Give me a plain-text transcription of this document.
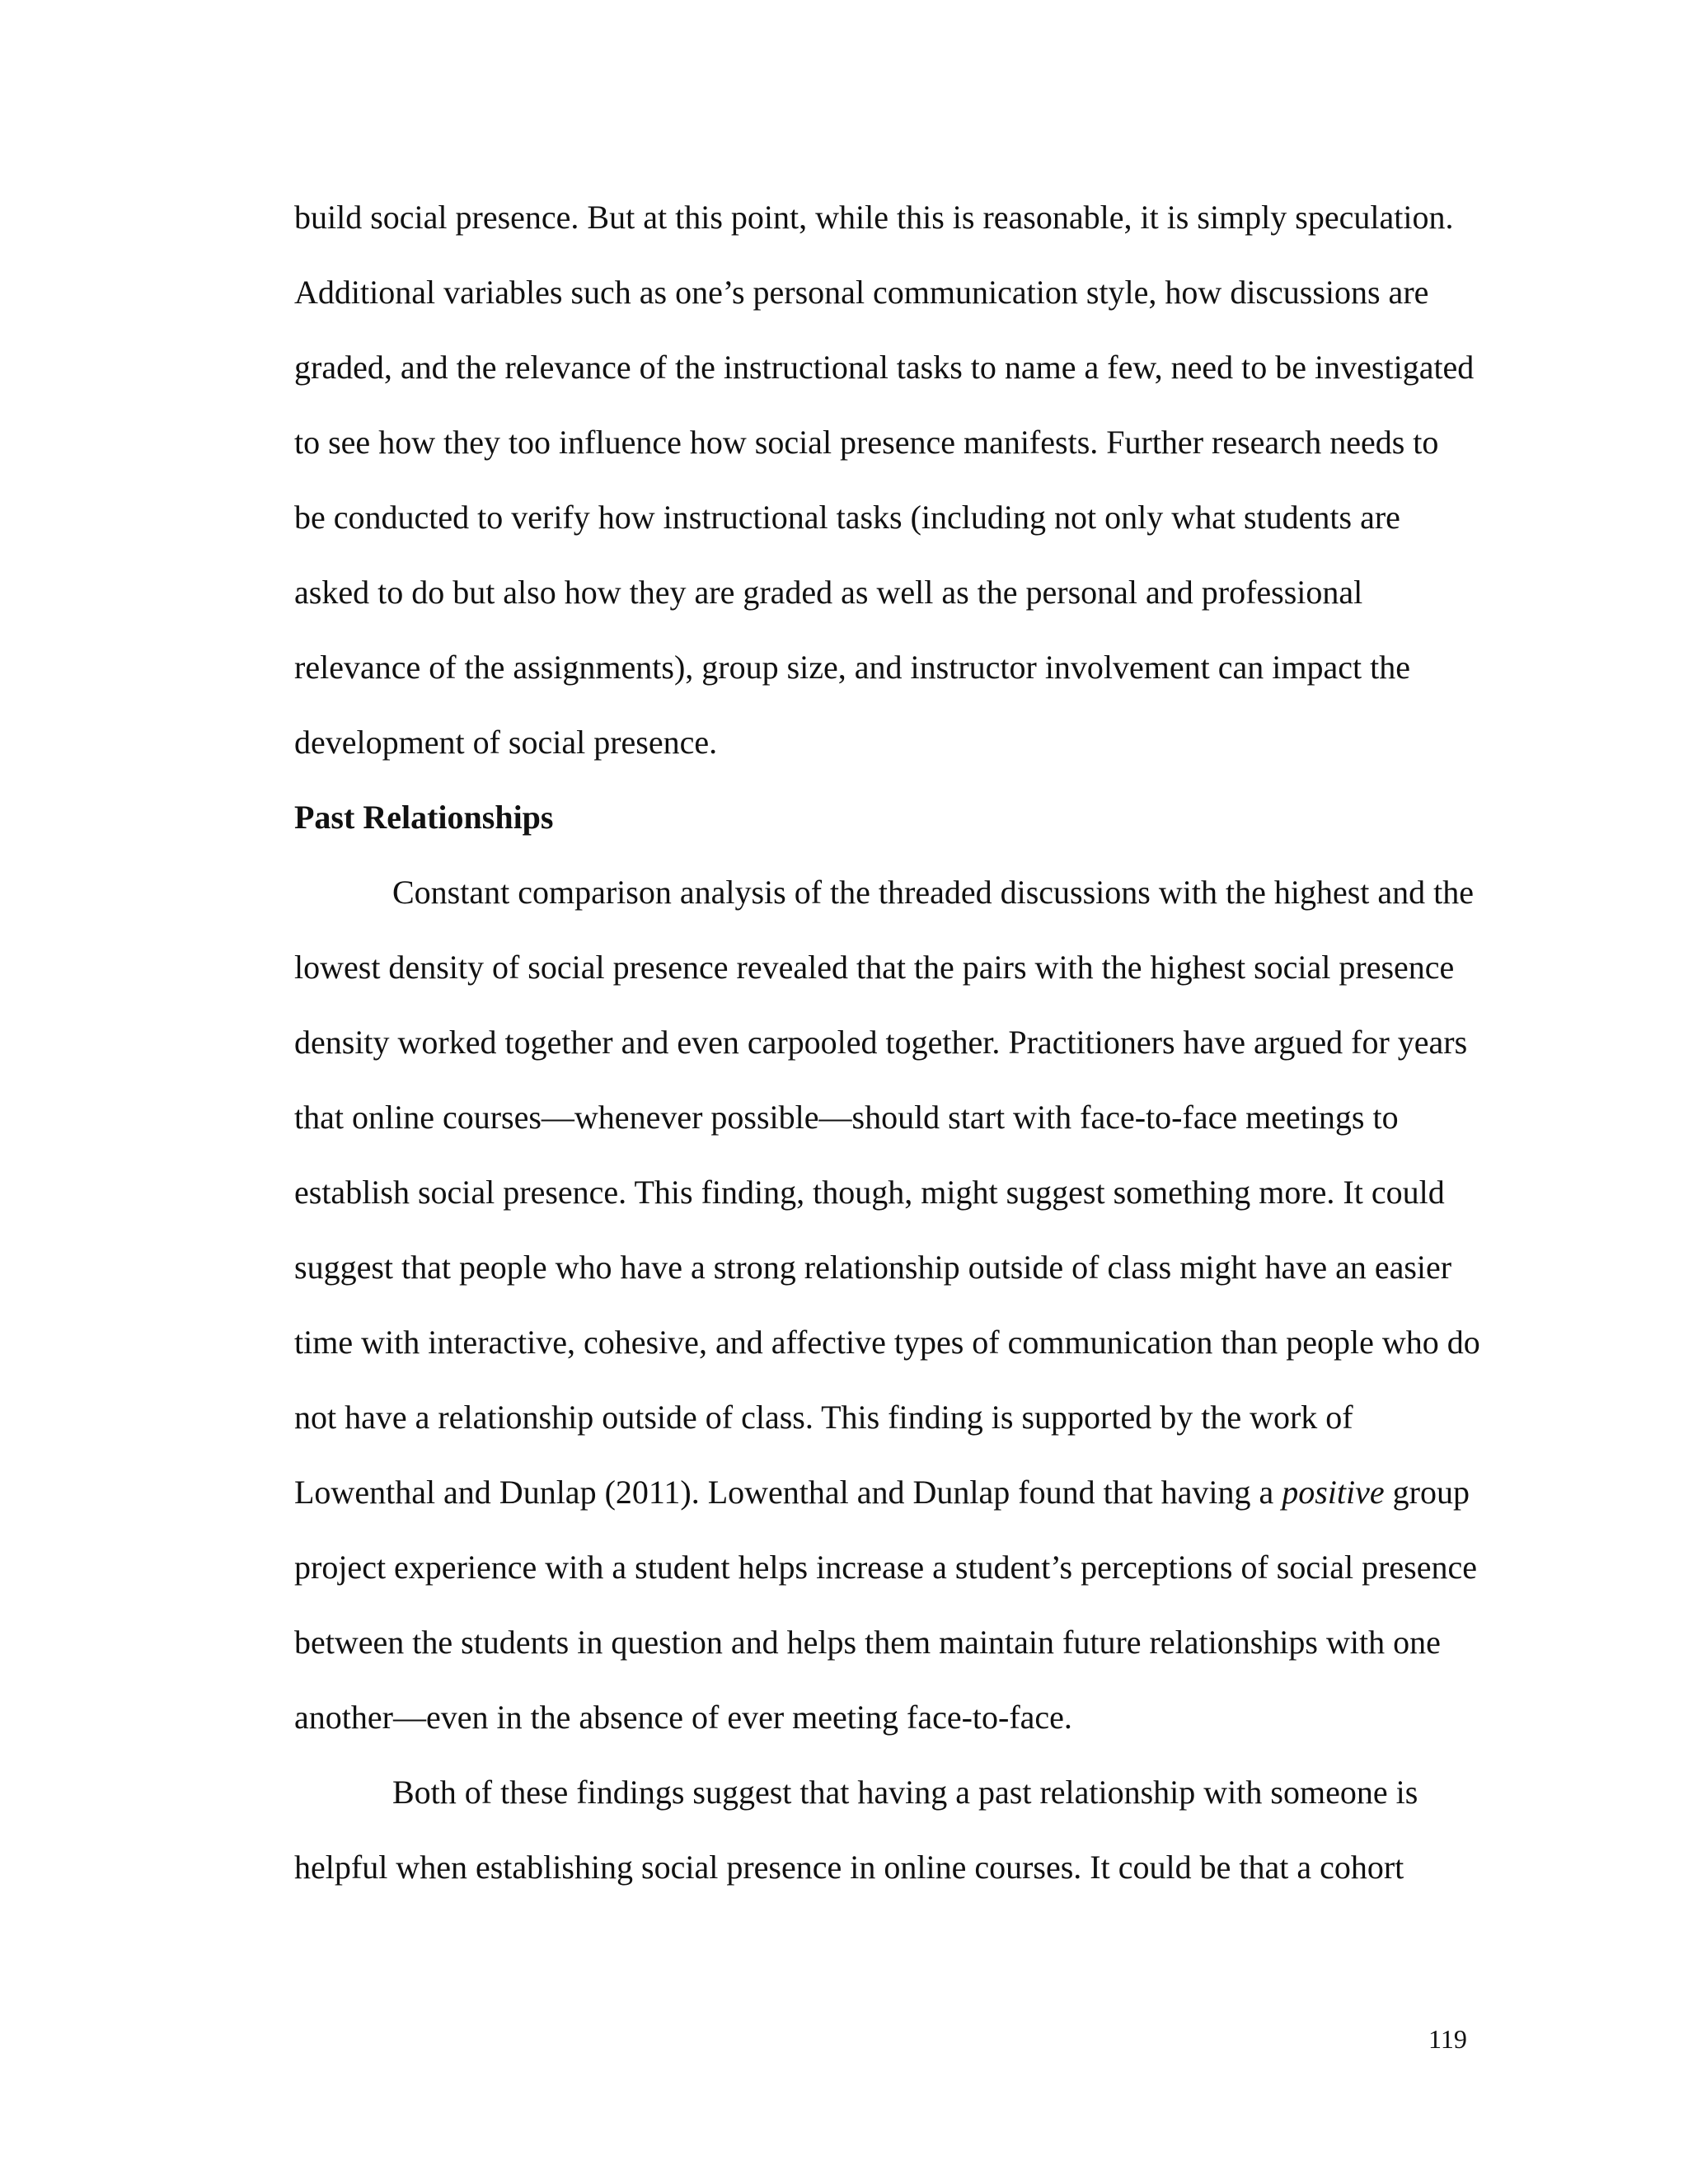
build social presence. But at this point, while this is reasonable, it is simply speculation.

Additional variables such as one’s personal communication style, how discussions are

graded, and the relevance of the instructional tasks to name a few, need to be investigated

to see how they too influence how social presence manifests. Further research needs to

be conducted to verify how instructional tasks (including not only what students are

asked to do but also how they are graded as well as the personal and professional

relevance of the assignments), group size, and instructor involvement can impact the

development of social presence.

Past Relationships

Constant comparison analysis of the threaded discussions with the highest and the

lowest density of social presence revealed that the pairs with the highest social presence

density worked together and even carpooled together. Practitioners have argued for years

that online courses—whenever possible—should start with face-to-face meetings to

establish social presence. This finding, though, might suggest something more. It could

suggest that people who have a strong relationship outside of class might have an easier

time with interactive, cohesive, and affective types of communication than people who do

not have a relationship outside of class. This finding is supported by the work of

Lowenthal and Dunlap (2011). Lowenthal and Dunlap found that having a positive group

project experience with a student helps increase a student’s perceptions of social presence

between the students in question and helps them maintain future relationships with one

another—even in the absence of ever meeting face-to-face.

Both of these findings suggest that having a past relationship with someone is

helpful when establishing social presence in online courses. It could be that a cohort

119
